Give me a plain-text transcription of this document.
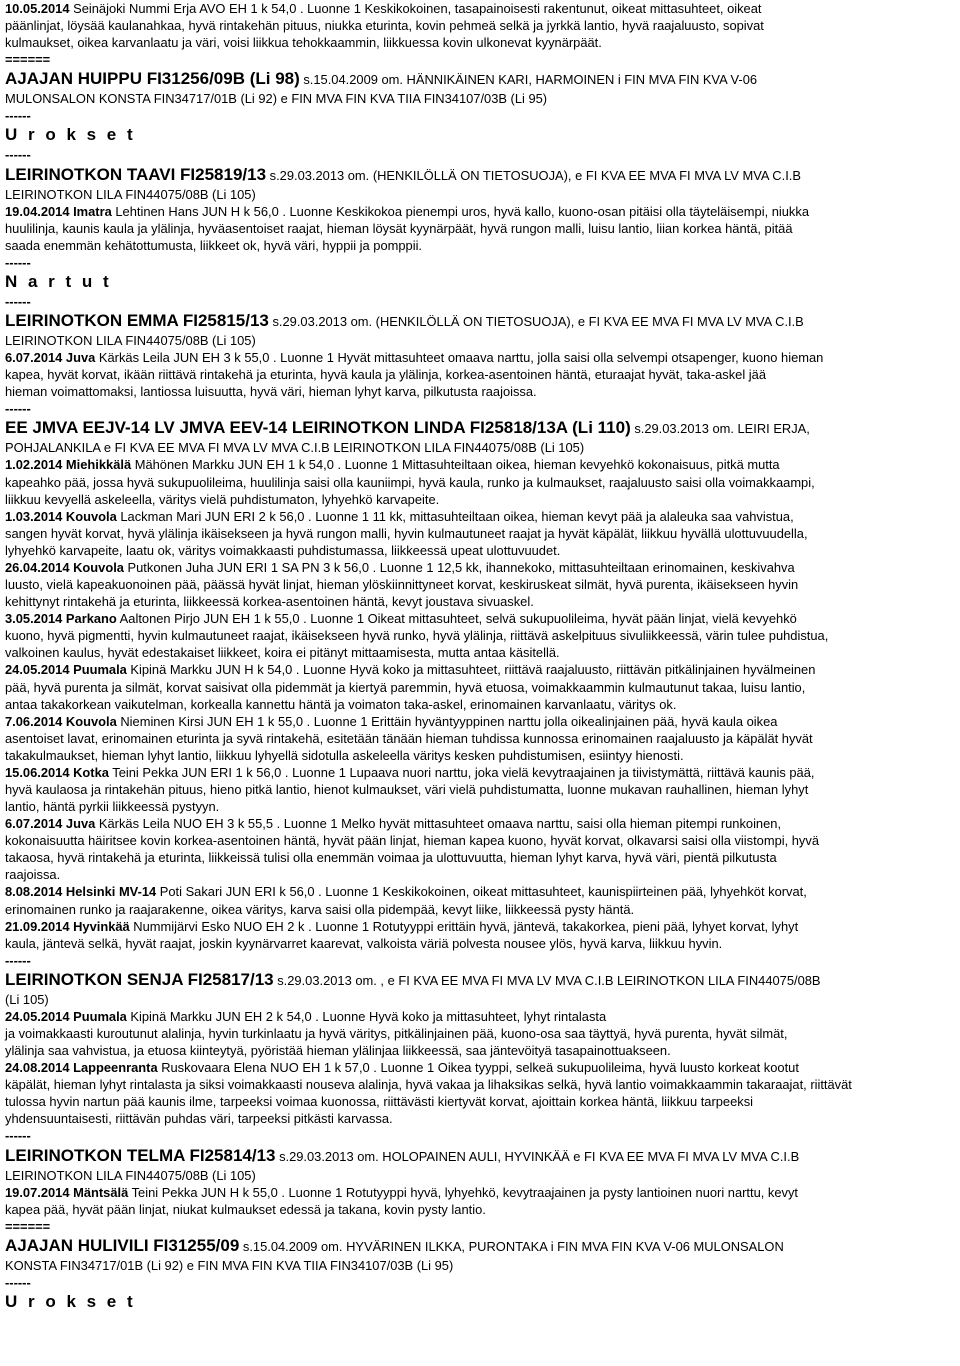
10.05.2014 Seinäjoki Nummi Erja AVO EH 1 k 54,0 . Luonne 1 Keskikokoinen, tasapainoisesti rakentunut, oikeat mittasuhteet, oikeat
päänlinjat, löysää kaulanahkaa, hyvä rintakehän pituus, niukka eturinta, kovin pehmeä selkä ja jyrkkä lantio, hyvä raajaluusto, sopivat
kulmaukset, oikea karvanlaatu ja väri, voisi liikkua tehokkaammin, liikkuessa kovin ulkonevat kyynärpäät.
======
AJAJAN HUIPPU FI31256/09B (Li 98) s.15.04.2009 om. HÄNNIKÄINEN KARI, HARMOINEN i FIN MVA FIN KVA V-06
MULONSALON KONSTA FIN34717/01B (Li 92) e FIN MVA FIN KVA TIIA FIN34107/03B (Li 95)
------
U r o k s e t
------
LEIRINOTKON TAAVI FI25819/13 s.29.03.2013 om. (HENKILÖLLÄ ON TIETOSUOJA), e FI KVA EE MVA FI MVA LV MVA C.I.B
LEIRINOTKON LILA FIN44075/08B (Li 105)
19.04.2014 Imatra Lehtinen Hans JUN H k 56,0 . Luonne Keskikokoa pienempi uros, hyvä kallo, kuono-osan pitäisi olla täyteläisempi, niukka
huulilinja, kaunis kaula ja ylälinja, hyväasentoiset raajat, hieman löysät kyynärpäät, hyvä rungon malli, luisu lantio, liian korkea häntä, pitää
saada enemmän kehätottumusta, liikkeet ok, hyvä väri, hyppii ja pomppii.
------
N a r t u t
------
LEIRINOTKON EMMA FI25815/13 s.29.03.2013 om. (HENKILÖLLÄ ON TIETOSUOJA), e FI KVA EE MVA FI MVA LV MVA C.I.B
LEIRINOTKON LILA FIN44075/08B (Li 105)
6.07.2014 Juva Kärkäs Leila JUN EH 3 k 55,0 . Luonne 1 Hyvät mittasuhteet omaava narttu, jolla saisi olla selvempi otsapenger, kuono hieman
kapea, hyvät korvat, ikään riittävä rintakehä ja eturinta, hyvä kaula ja ylälinja, korkea-asentoinen häntä, eturaajat hyvät, taka-askel jää
hieman voimattomaksi, lantiossa luisuutta, hyvä väri, hieman lyhyt karva, pilkutusta raajoissa.
------
EE JMVA EEJV-14 LV JMVA EEV-14 LEIRINOTKON LINDA FI25818/13A (Li 110) s.29.03.2013 om. LEIRI ERJA,
POHJALANKILA e FI KVA EE MVA FI MVA LV MVA C.I.B LEIRINOTKON LILA FIN44075/08B (Li 105)
1.02.2014 Miehikkälä Mähönen Markku JUN EH 1 k 54,0 . Luonne 1 Mittasuhteiltaan oikea, hieman kevyehkö kokonaisuus, pitkä mutta
kapeahko pää, jossa hyvä sukupuolileima, huulilinja saisi olla kauniimpi, hyvä kaula, runko ja kulmaukset, raajaluusto saisi olla voimakkaampi,
liikkuu kevyellä askeleella, väritys vielä puhdistumaton, lyhyehkö karvapeite.
1.03.2014 Kouvola Lackman Mari JUN ERI 2 k 56,0 . Luonne 1 11 kk, mittasuhteiltaan oikea, hieman kevyt pää ja alaleuka saa vahvistua,
sangen hyvät korvat, hyvä ylälinja ikäisekseen ja hyvä rungon malli, hyvin kulmautuneet raajat ja hyvät käpälät, liikkuu hyvällä ulottuvuudella,
lyhyehkö karvapeite, laatu ok, väritys voimakkaasti puhdistumassa, liikkeessä upeat ulottuvuudet.
26.04.2014 Kouvola Putkonen Juha JUN ERI 1 SA PN 3 k 56,0 . Luonne 1 12,5 kk, ihannekoko, mittasuhteiltaan erinomainen, keskivahva
luusto, vielä kapeakuonoinen pää, päässä hyvät linjat, hieman ylöskiinnittyneet korvat, keskiruskeat silmät, hyvä purenta, ikäisekseen hyvin
kehittynyt rintakehä ja eturinta, liikkeessä korkea-asentoinen häntä, kevyt joustava sivuaskel.
3.05.2014 Parkano Aaltonen Pirjo JUN EH 1 k 55,0 . Luonne 1 Oikeat mittasuhteet, selvä sukupuolileima, hyvät pään linjat, vielä kevyehkö
kuono, hyvä pigmentti, hyvin kulmautuneet raajat, ikäisekseen hyvä runko, hyvä ylälinja, riittävä askelpituus sivuliikkeessä, värin tulee puhdistua,
valkoinen kaulus, hyvät edestakaiset liikkeet, koira ei pitänyt mittaamisesta, mutta antaa käsitellä.
24.05.2014 Puumala Kipinä Markku JUN H k 54,0 . Luonne Hyvä koko ja mittasuhteet, riittävä raajaluusto, riittävän pitkälinjainen hyvälmeinen
pää, hyvä purenta ja silmät, korvat saisivat olla pidemmät ja kiertyä paremmin, hyvä etuosa, voimakkaammin kulmautunut takaa, luisu lantio,
antaa takakorkean vaikutelman, korkealla kannettu häntä ja voimaton taka-askel, erinomainen karvanlaatu, väritys ok.
7.06.2014 Kouvola Nieminen Kirsi JUN EH 1 k 55,0 . Luonne 1 Erittäin hyväntyyppinen narttu jolla oikealinjainen pää, hyvä kaula oikea
asentoiset lavat, erinomainen eturinta ja syvä rintakehä, esitetään tänään hieman tuhdissa kunnossa erinomainen raajaluusto ja käpälät hyvät
takakulmaukset, hieman lyhyt lantio, liikkuu lyhyellä sidotulla askeleella väritys kesken puhdistumisen, esiintyy hienosti.
15.06.2014 Kotka Teini Pekka JUN ERI 1 k 56,0 . Luonne 1 Lupaava nuori narttu, joka vielä kevytraajainen ja tiivistymättä, riittävä kaunis pää,
hyvä kaulaosa ja rintakehän pituus, hieno pitkä lantio, hienot kulmaukset, väri vielä puhdistumatta, luonne mukavan rauhallinen, hieman lyhyt
lantio, häntä pyrkii liikkeessä pystyyn.
6.07.2014 Juva Kärkäs Leila NUO EH 3 k 55,5 . Luonne 1 Melko hyvät mittasuhteet omaava narttu, saisi olla hieman pitempi runkoinen,
kokonaisuutta häiritsee kovin korkea-asentoinen häntä, hyvät pään linjat, hieman kapea kuono, hyvät korvat, olkavarsi saisi olla viistompi, hyvä
takaosa, hyvä rintakehä ja eturinta, liikkeissä tulisi olla enemmän voimaa ja ulottuvuutta, hieman lyhyt karva, hyvä väri, pientä pilkutusta
raajoissa.
8.08.2014 Helsinki MV-14 Poti Sakari JUN ERI k 56,0 . Luonne 1 Keskikokoinen, oikeat mittasuhteet, kaunispiirteinen pää, lyhyehköt korvat,
erinomainen runko ja raajarakenne, oikea väritys, karva saisi olla pidempää, kevyt liike, liikkeessä pysty häntä.
21.09.2014 Hyvinkää Nummijärvi Esko NUO EH 2 k . Luonne 1 Rotutyyppi erittäin hyvä, jäntevä, takakorkea, pieni pää, lyhyet korvat, lyhyt
kaula, jäntevä selkä, hyvät raajat, joskin kyynärvarret kaarevat, valkoista väriä polvesta nousee ylös, hyvä karva, liikkuu hyvin.
------
LEIRINOTKON SENJA FI25817/13 s.29.03.2013 om. , e FI KVA EE MVA FI MVA LV MVA C.I.B LEIRINOTKON LILA FIN44075/08B
(Li 105)
24.05.2014 Puumala Kipinä Markku JUN EH 2 k 54,0 . Luonne Hyvä koko ja mittasuhteet, lyhyt rintalasta
ja voimakkaasti kuroutunut alalinja, hyvin turkinlaatu ja hyvä väritys, pitkälinjainen pää, kuono-osa saa täyttyä, hyvä purenta, hyvät silmät,
ylälinja saa vahvistua, ja etuosa kiinteytyä, pyöristää hieman ylälinjaa liikkeessä, saa jäntevöityä tasapainottuakseen.
24.08.2014 Lappeenranta Ruskovaara Elena NUO EH 1 k 57,0 . Luonne 1 Oikea tyyppi, selkeä sukupuolileima, hyvä luusto korkeat kootut
käpälät, hieman lyhyt rintalasta ja siksi voimakkaasti nouseva alalinja, hyvä vakaa ja lihaksikas selkä, hyvä lantio voimakkaammin takaraajat, riittävät
tulossa hyvin nartun pää kaunis ilme, tarpeeksi voimaa kuonossa, riittävästi kiertyvät korvat, ajoittain korkea häntä, liikkuu tarpeeksi
yhdensuuntaisesti, riittävän puhdas väri, tarpeeksi pitkästi karvassa.
------
LEIRINOTKON TELMA FI25814/13 s.29.03.2013 om. HOLOPAINEN AULI, HYVINKÄÄ e FI KVA EE MVA FI MVA LV MVA C.I.B
LEIRINOTKON LILA FIN44075/08B (Li 105)
19.07.2014 Mäntsälä Teini Pekka JUN H k 55,0 . Luonne 1 Rotutyyppi hyvä, lyhyehkö, kevytraajainen ja pysty lantioinen nuori narttu, kevyt
kapea pää, hyvät pään linjat, niukat kulmaukset edessä ja takana, kovin pysty lantio.
======
AJAJAN HULIVILI FI31255/09 s.15.04.2009 om. HYVÄRINEN ILKKA, PURONTAKA i FIN MVA FIN KVA V-06 MULONSALON
KONSTA FIN34717/01B (Li 92) e FIN MVA FIN KVA TIIA FIN34107/03B (Li 95)
------
U r o k s e t
